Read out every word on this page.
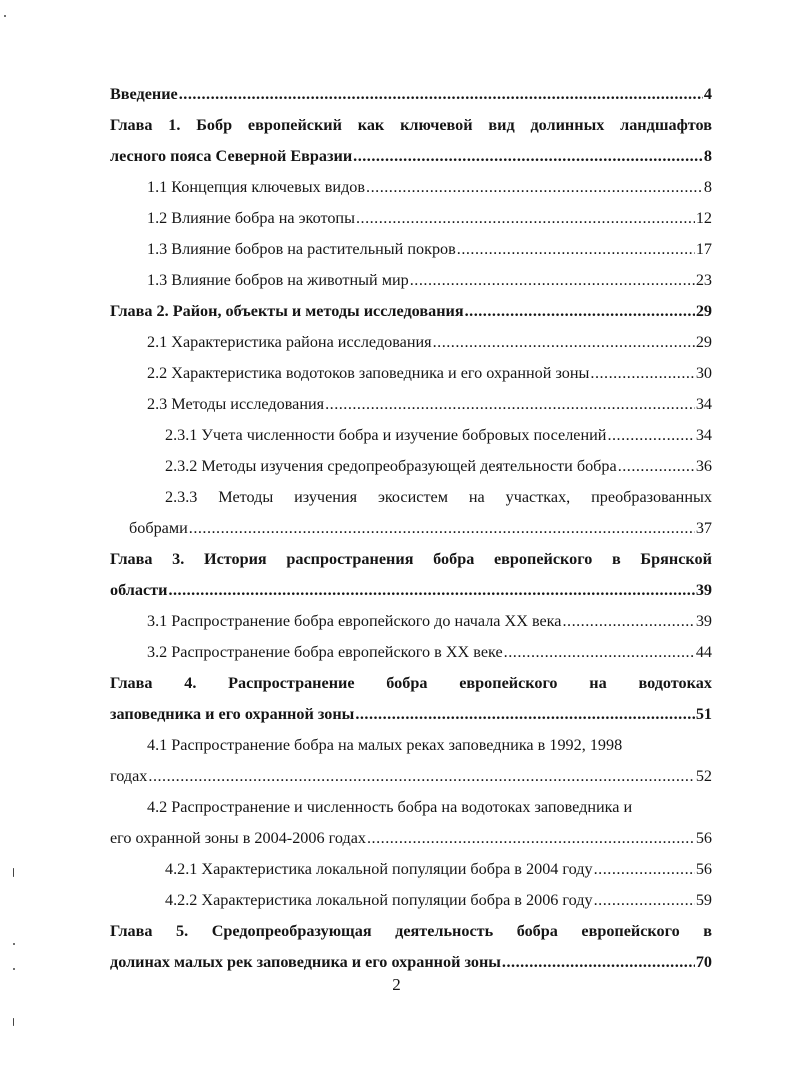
Введение .....	4
Глава 1. Бобр европейский как ключевой вид долинных ландшафтов
лесного пояса Северной Евразии .....	8
1.1 Концепция ключевых видов .....	8
1.2 Влияние бобра на экотопы .....	12
1.3 Влияние бобров на растительный покров .....	17
1.3 Влияние бобров на животный мир .....	23
Глава 2. Район, объекты и методы исследования .....	29
2.1 Характеристика района исследования .....	29
2.2 Характеристика водотоков заповедника и его охранной зоны .....	30
2.3 Методы исследования .....	34
2.3.1 Учета численности бобра и изучение бобровых поселений .....	34
2.3.2 Методы изучения средопреобразующей деятельности бобра .....	36
2.3.3 Методы изучения экосистем на участках, преобразованных
бобрами .....	37
Глава 3. История распространения бобра европейского в Брянской
области .....	39
3.1 Распространение бобра европейского до начала XX века .....	39
3.2 Распространение бобра европейского в XX веке .....	44
Глава 4. Распространение бобра европейского на водотоках
заповедника и его охранной зоны .....	51
4.1 Распространение бобра на малых реках заповедника в 1992, 1998
годах .....	52
4.2 Распространение и численность бобра на водотоках заповедника и
его охранной зоны в 2004-2006 годах .....	56
4.2.1 Характеристика локальной популяции бобра в 2004 году .....	56
4.2.2 Характеристика локальной популяции бобра в 2006 году .....	59
Глава 5. Средопреобразующая деятельность бобра европейского в
долинах малых рек заповедника и его охранной зоны .....	70
2
